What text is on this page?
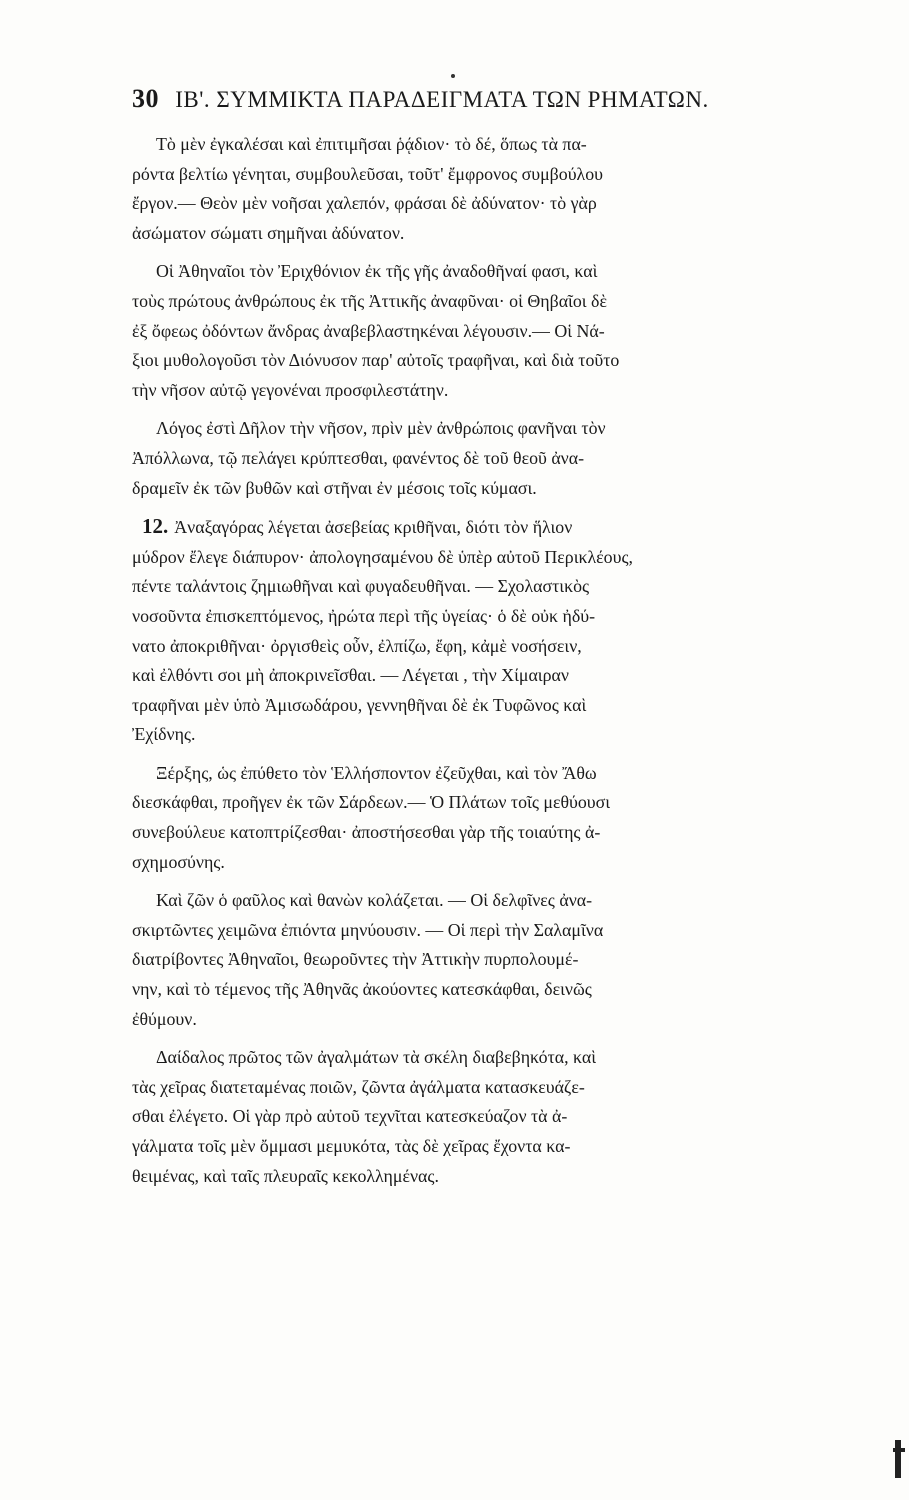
30 IB'. ΣΥΜΜΙΚΤΑ ΠΑΡΑΔΕΙΓΜΑΤΑ ΤΩΝ ΡΗΜΑΤΩΝ.
Τὸ μὲν ἐγκαλέσαι καὶ ἐπιτιμῆσαι ῥᾴδιον· τὸ δέ, ὅπως τὰ πα-
ρόντα βελτίω γένηται, συμβουλεῦσαι, τοῦτ' ἔμφρονος συμβούλου
ἔργον.— Θεὸν μὲν νοῆσαι χαλεπόν, φράσαι δὲ ἀδύνατον· τὸ γὰρ
ἀσώματον σώματι σημῆναι ἀδύνατον.
Οἱ Ἀθηναῖοι τὸν Ἐριχθόνιον ἐκ τῆς γῆς ἀναδοθῆναί φασι, καὶ
τοὺς πρώτους ἀνθρώπους ἐκ τῆς Ἀττικῆς ἀναφῦναι· οἱ Θηβαῖοι δὲ
ἐξ ὄφεως ὀδόντων ἄνδρας ἀναβεβλαστηκέναι λέγουσιν.— Οἱ Νά-
ξιοι μυθολογοῦσι τὸν Διόνυσον παρ' αὐτοῖς τραφῆναι, καὶ διὰ τοῦτο
τὴν νῆσον αὐτῷ γεγονέναι προσφιλεστάτην.
Λόγος ἐστὶ Δῆλον τὴν νῆσον, πρὶν μὲν ἀνθρώποις φανῆναι τὸν
Ἀπόλλωνα, τῷ πελάγει κρύπτεσθαι, φανέντος δὲ τοῦ θεοῦ ἀνα-
δραμεῖν ἐκ τῶν βυθῶν καὶ στῆναι ἐν μέσοις τοῖς κύμασι.
12. Ἀναξαγόρας λέγεται ἀσεβείας κριθῆναι, διότι τὸν ἥλιον
μύδρον ἔλεγε διάπυρον· ἀπολογησαμένου δὲ ὑπὲρ αὐτοῦ Περικλέους,
πέντε ταλάντοις ζημιωθῆναι καὶ φυγαδευθῆναι. — Σχολαστικὸς
νοσοῦντα ἐπισκεπτόμενος, ἠρώτα περὶ τῆς ὑγείας· ὁ δὲ οὐκ ἠδύ-
νατο ἀποκριθῆναι· ὀργισθεὶς οὖν, ἐλπίζω, ἔφη, κἀμὲ νοσήσειν,
καὶ ἐλθόντι σοι μὴ ἀποκρινεῖσθαι. — Λέγεται , τὴν Χίμαιραν
τραφῆναι μὲν ὑπὸ Ἀμισωδάρου, γεννηθῆναι δὲ ἐκ Τυφῶνος καὶ
Ἐχίδνης.
Ξέρξης, ὡς ἐπύθετο τὸν Ἑλλήσποντον ἐζεῦχθαι, καὶ τὸν Ἄθω
διεσκάφθαι, προῆγεν ἐκ τῶν Σάρδεων.— Ὁ Πλάτων τοῖς μεθύουσι
συνεβούλευε κατοπτρίζεσθαι· ἀποστήσεσθαι γὰρ τῆς τοιαύτης ἀ-
σχημοσύνης.
Καὶ ζῶν ὁ φαῦλος καὶ θανὼν κολάζεται. — Οἱ δελφῖνες ἀνα-
σκιρτῶντες χειμῶνα ἐπιόντα μηνύουσιν. — Οἱ περὶ τὴν Σαλαμῖνα
διατρίβοντες Ἀθηναῖοι, θεωροῦντες τὴν Ἀττικὴν πυρπολουμέ-
νην, καὶ τὸ τέμενος τῆς Ἀθηνᾶς ἀκούοντες κατεσκάφθαι, δεινῶς
ἐθύμουν.
Δαίδαλος πρῶτος τῶν ἀγαλμάτων τὰ σκέλη διαβεβηκότα, καὶ
τὰς χεῖρας διατεταμένας ποιῶν, ζῶντα ἀγάλματα κατασκευάζε-
σθαι ἐλέγετο. Οἱ γὰρ πρὸ αὐτοῦ τεχνῖται κατεσκεύαζον τὰ ἀ-
γάλματα τοῖς μὲν ὄμμασι μεμυκότα, τὰς δὲ χεῖρας ἔχοντα κα-
θειμένας, καὶ ταῖς πλευραῖς κεκολλημένας.
